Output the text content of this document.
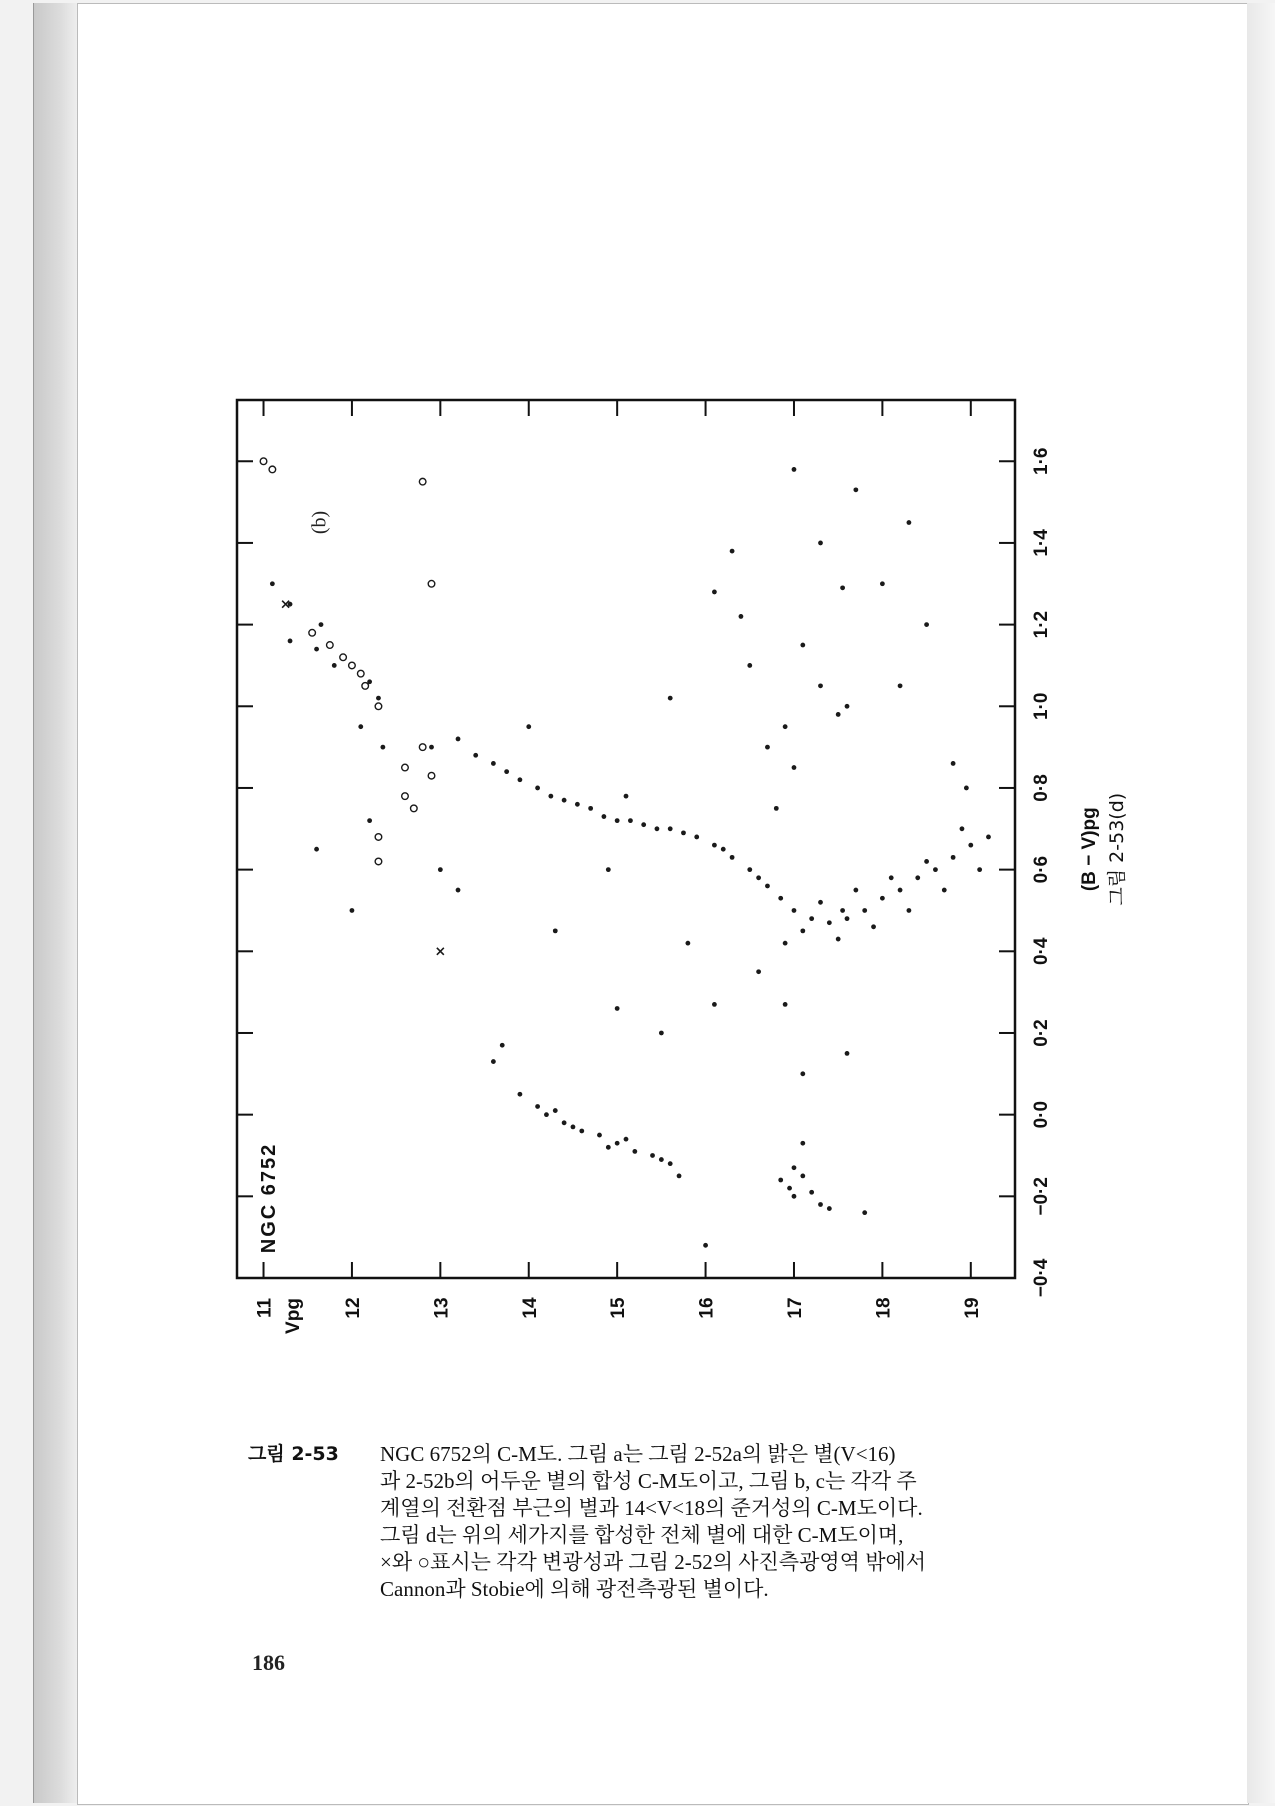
11	12	13	14	15	16	17	18	19
−0·4
−0·2
0·0
0·2
0·4
0·6
0·8
1·0
1·2
1·4
1·6
Vpg
(B − V)pg 그림 2-53(d)
NGC 6752
(b)
그림 2-53 NGC 6752의 C-M도. 그림 a는 그림 2-52a의 밝은 별(V<16)
과 2-52b의 어두운 별의 합성 C-M도이고, 그림 b, c는 각각 주
계열의 전환점 부근의 별과 14<V<18의 준거성의 C-M도이다.
그림 d는 위의 세가지를 합성한 전체 별에 대한 C-M도이며,
×와 ○표시는 각각 변광성과 그림 2-52의 사진측광영역 밖에서
Cannon과 Stobie에 의해 광전측광된 별이다.
186
